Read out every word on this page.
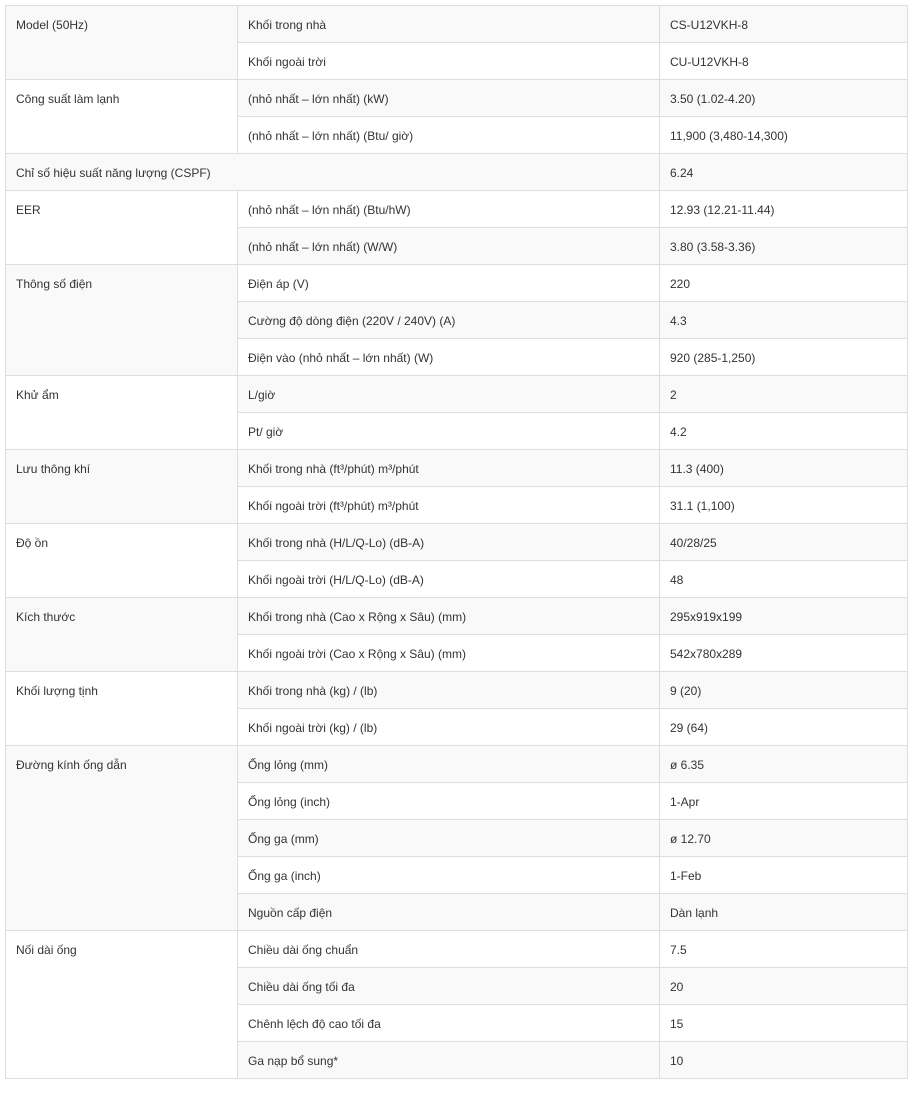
Model (50Hz)	Khối trong nhà	CS-U12VKH-8

	Khối ngoài trời	CU-U12VKH-8

Công suất làm lạnh	(nhỏ nhất – lớn nhất) (kW)	3.50 (1.02-4.20)

	(nhỏ nhất – lớn nhất) (Btu/ giờ)	11,900 (3,480-14,300)

Chỉ số hiệu suất năng lượng (CSPF)		6.24

EER	(nhỏ nhất – lớn nhất) (Btu/hW)	12.93 (12.21-11.44)

	(nhỏ nhất – lớn nhất) (W/W)	3.80 (3.58-3.36)

Thông số điện	Điện áp (V)	220

	Cường độ dòng điện (220V / 240V) (A)	4.3

	Điện vào (nhỏ nhất – lớn nhất) (W)	920 (285-1,250)

Khử ẩm	L/giờ	2

	Pt/ giờ	4.2

Lưu thông khí	Khối trong nhà (ft³/phút) m³/phút	11.3 (400)

	Khối ngoài trời (ft³/phút) m³/phút	31.1 (1,100)

Độ ồn	Khối trong nhà (H/L/Q-Lo) (dB-A)	40/28/25

	Khối ngoài trời (H/L/Q-Lo) (dB-A)	48

Kích thước	Khối trong nhà (Cao x Rộng x Sâu) (mm)	295x919x199

	Khối ngoài trời (Cao x Rộng x Sâu) (mm)	542x780x289

Khối lượng tịnh	Khối trong nhà (kg) / (lb)	9 (20)

	Khối ngoài trời (kg) / (lb)	29 (64)

Đường kính ống dẫn	Ống lỏng (mm)	ø 6.35

	Ống lỏng (inch)	1-Apr

	Ống ga (mm)	ø 12.70

	Ống ga (inch)	1-Feb

	Nguồn cấp điện	Dàn lạnh

Nối dài ống	Chiều dài ống chuẩn	7.5

	Chiều dài ống tối đa	20

	Chênh lệch độ cao tối đa	15

	Ga nạp bổ sung*	10
